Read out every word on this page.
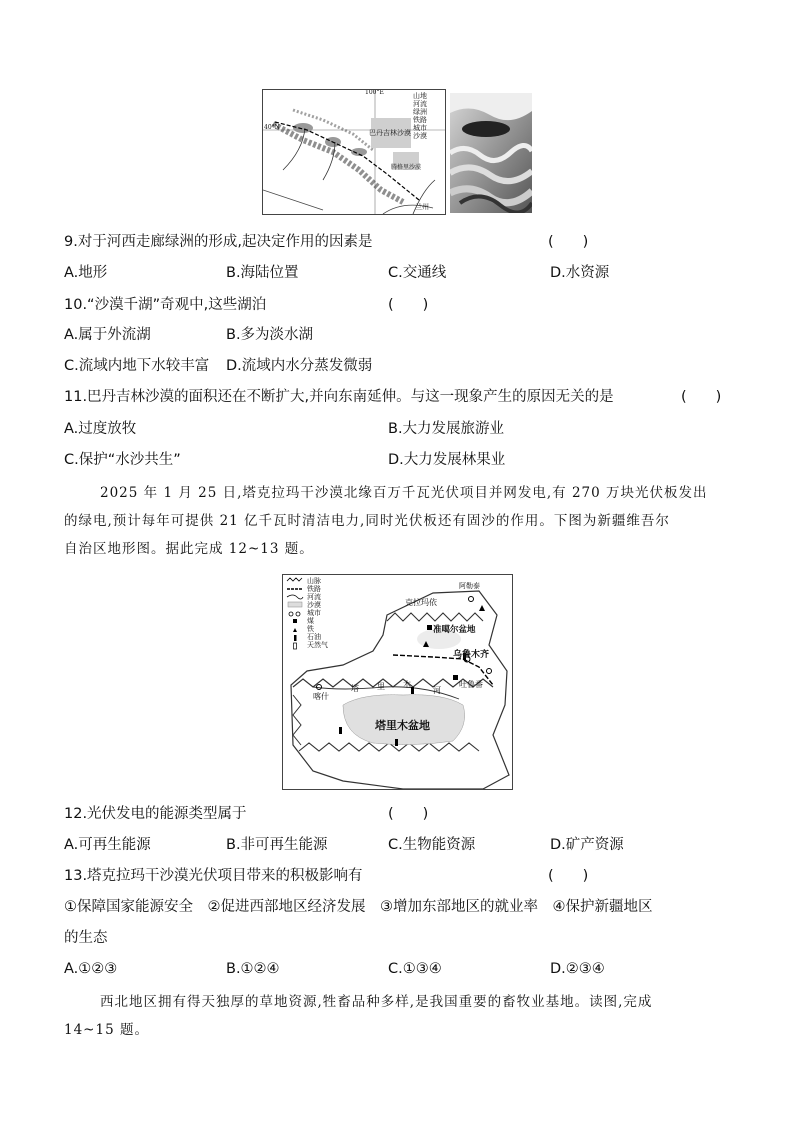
100°E
40°N
巴丹吉林沙漠
腾格里沙漠
兰州
山地
河流
绿洲
铁路
城市
沙漠
9.对于河西走廊绿洲的形成,起决定作用的因素是	(　　)
A.地形	B.海陆位置	C.交通线	D.水资源
10.“沙漠千湖”奇观中,这些湖泊	(　　)
A.属于外流湖	B.多为淡水湖
C.流域内地下水较丰富 D.流域内水分蒸发微弱
11.巴丹吉林沙漠的面积还在不断扩大,并向东南延伸。与这一现象产生的原因无关的是	(　　)
A.过度放牧	B.大力发展旅游业
C.保护“水沙共生”	D.大力发展林果业
2025 年 1 月 25 日,塔克拉玛干沙漠北缘百万千瓦光伏项目并网发电,有 270 万块光伏板发出
的绿电,预计每年可提供 21 亿千瓦时清洁电力,同时光伏板还有固沙的作用。下图为新疆维吾尔
自治区地形图。据此完成 12~13 题。
山脉
铁路
河流
沙漠
城市
煤
铁
石油
天然气
阿勒泰
克拉玛依
准噶尔盆地
乌鲁木齐
吐鲁番
喀什
塔 里 木
河
塔里木盆地
12.光伏发电的能源类型属于	(　　)
A.可再生能源	B.非可再生能源	C.生物能资源	D.矿产资源
13.塔克拉玛干沙漠光伏项目带来的积极影响有	(　　)
①保障国家能源安全　②促进西部地区经济发展　③增加东部地区的就业率　④保护新疆地区
的生态
A.①②③	B.①②④	C.①③④	D.②③④
西北地区拥有得天独厚的草地资源,牲畜品种多样,是我国重要的畜牧业基地。读图,完成
14~15 题。
